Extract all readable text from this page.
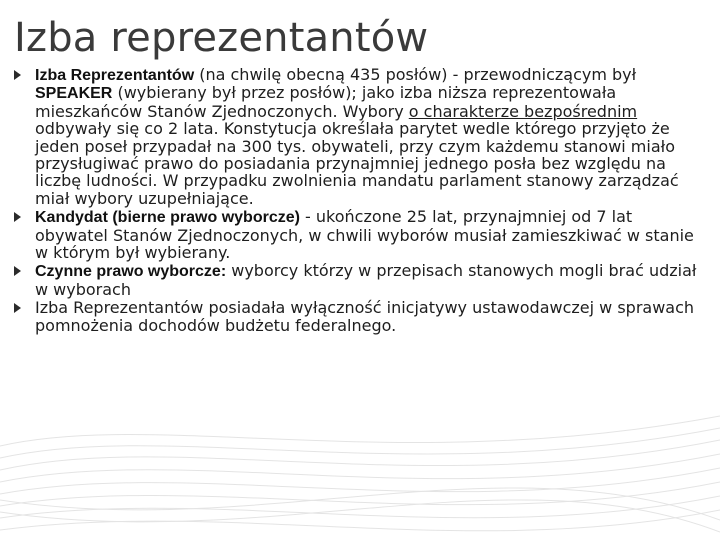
Izba reprezentantów
Izba Reprezentantów (na chwilę obecną 435 posłów) - przewodniczącym był SPEAKER (wybierany był przez posłów); jako izba niższa reprezentowała mieszkańców Stanów Zjednoczonych. Wybory o charakterze bezpośrednim odbywały się co 2 lata. Konstytucja określała parytet wedle którego przyjęto że jeden poseł przypadał na 300 tys. obywateli, przy czym każdemu stanowi miało przysługiwać prawo do posiadania przynajmniej jednego posła bez względu na liczbę ludności. W przypadku zwolnienia mandatu parlament stanowy zarządzać miał wybory uzupełniające.
Kandydat (bierne prawo wyborcze) - ukończone 25 lat, przynajmniej od 7 lat obywatel Stanów Zjednoczonych, w chwili wyborów musiał zamieszkiwać w stanie w którym był wybierany.
Czynne prawo wyborcze: wyborcy którzy w przepisach stanowych mogli brać udział w wyborach
Izba Reprezentantów posiadała wyłączność inicjatywy ustawodawczej w sprawach pomnożenia dochodów budżetu federalnego.
